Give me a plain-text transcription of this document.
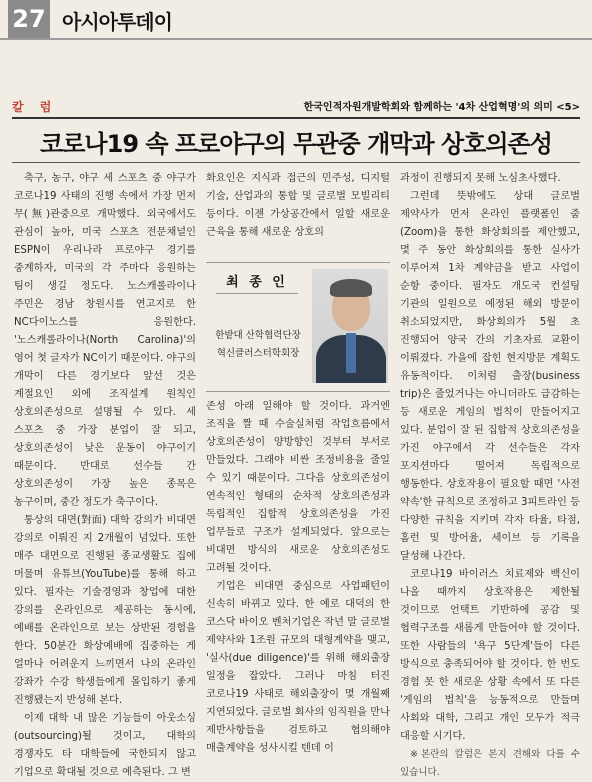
27 아시아투데이
칼 럼	한국인적자원개발학회와 함께하는 '4차 산업혁명'의 의미 <5>
코로나19 속 프로야구의 무관중 개막과 상호의존성

축구, 농구, 야구 세 스포츠 중 야구가 코로나19 사태의 진행 속에서 가장 먼저 무(無)관중으로 개막했다. 외국에서도 관심이 높아, 미국 스포츠 전문채널인 ESPN이 우리나라 프로야구 경기를 중계하자, 미국의 각 주마다 응원하는 팀이 생길 정도다. 노스캐롤라이나 주민은 경남 창원시를 연고지로 한 NC다이노스를 응원한다. '노스캐롤라이나(North Carolina)'의 영어 첫 글자가 NC이기 때문이다. 야구의 개막이 다른 경기보다 앞선 것은 계절요인 외에 조직설계 원칙인 상호의존성으로 설명될 수 있다. 세 스포츠 중 가장 분업이 잘 되고, 상호의존성이 낮은 운동이 야구이기 때문이다. 반대로 선수들 간 상호의존성이 가장 높은 종목은 농구이며, 중간 정도가 축구이다.

통상의 대면(對面) 대학 강의가 비대면 강의로 이뤄진 지 2개월이 넘었다. 또한 매주 대면으로 진행된 종교생활도 집에 머물며 유튜브(YouTube)를 통해 하고 있다. 필자는 기술경영과 창업에 대한 강의를 온라인으로 제공하는 동시에, 예배를 온라인으로 보는 상반된 경험을 한다. 50분간 화상예배에 집중하는 게 얼마나 어려운지 느끼면서 나의 온라인 강좌가 수강 학생들에게 몰입하기 좋게 진행됐는지 반성해 본다.

이제 대학 내 많은 기능들이 아웃소싱(outsourcing)될 것이고, 대학의 경쟁자도 타 대학들에 국한되지 않고 기업으로 확대될 것으로 예측된다. 그 변

화요인은 지식과 접근의 민주성, 디지털 기술, 산업과의 통합 및 글로벌 모빌리티 등이다. 이젠 가상공간에서 일할 새로운 근육을 통해 새로운 상호의

최 종 인
한밭대 산학협력단장
혁신클러스터학회장

존성 아래 일해야 할 것이다. 과거엔 조직을 짤 때 수술실처럼 작업흐름에서 상호의존성이 양방향인 것부터 부서로 만들었다. 그래야 비싼 조정비용을 줄일 수 있기 때문이다. 그다음 상호의존성이 연속적인 형태의 순차적 상호의존성과 독립적인 집합적 상호의존성을 가진 업무들로 구조가 설계되었다. 앞으로는 비대면 방식의 새로운 상호의존성도 고려될 것이다.

기업은 비대면 중심으로 사업패턴이 신속히 바뀌고 있다. 한 예로 대덕의 한 코스닥 바이오 벤처기업은 작년 말 글로벌 제약사와 1조원 규모의 대형계약을 맺고, '실사(due diligence)'를 위해 해외출장 일정을 잡았다. 그러나 마침 터진 코로나19 사태로 해외출장이 몇 개월째 지연되었다. 글로벌 회사의 임직원을 만나 제반사항들을 검토하고 협의해야 매출계약을 성사시킬 텐데 이

과정이 진행되지 못해 노심초사했다.

그런데 뜻밖에도 상대 글로벌 제약사가 먼저 온라인 플랫폼인 줌(Zoom)을 통한 화상회의를 제안했고, 몇 주 동안 화상회의를 통한 실사가 이루어져 1차 계약금을 받고 사업이 순항 중이다. 필자도 개도국 컨설팅 기관의 일원으로 예정된 해외 방문이 취소되었지만, 화상회의가 5월 초 진행되어 양국 간의 기초자료 교환이 이뤄졌다. 가을에 잡힌 현지방문 계획도 유동적이다. 이처럼 출장(business trip)은 줄었거나는 아니더라도 급감하는 등 새로운 게임의 법칙이 만들어지고 있다. 분업이 잘 된 집합적 상호의존성을 가진 야구에서 각 선수들은 각자 포지션마다 떨어져 독립적으로 행동한다. 상호작용이 필요할 때면 '사전 약속'한 규칙으로 조정하고 3피트라인 등 다양한 규칙을 지키며 각자 타율, 타점, 홈런 및 방어율, 세이브 등 기록을 달성해 나간다.

코로나19 바이러스 치료제와 백신이 나올 때까지 상호작용은 제한될 것이므로 언택트 기반하에 공감 및 협력구조를 새롭게 만들어야 할 것이다. 또한 사람들의 '욕구 5단계'들이 다른 방식으로 충족되어야 할 것이다. 한 번도 경험 못 한 새로운 상황 속에서 또 다른 '게임의 법칙'을 능동적으로 만들며 사회와 대학, 그리고 개인 모두가 적극 대응할 시기다.

※본란의 칼럼은 본지 견해와 다를 수 있습니다.
